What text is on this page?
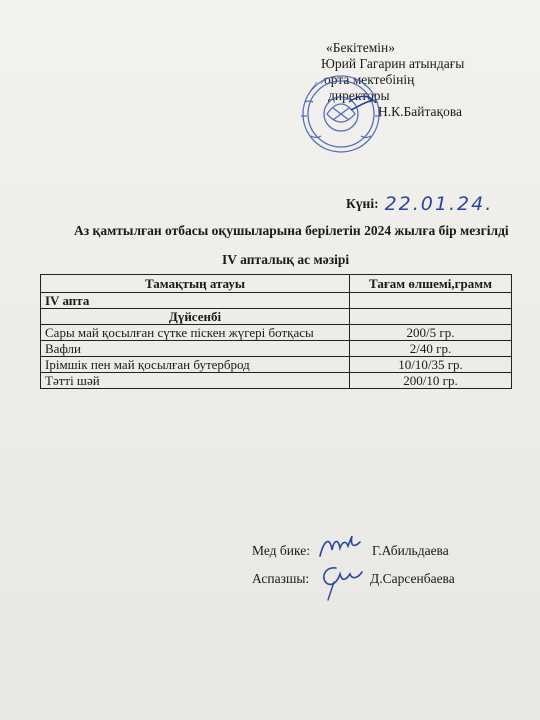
«Бекітемін»
Юрий Гагарин атындағы
орта мектебінің
директоры
Н.К.Байтақова
Күні: 22.01.24.
Аз қамтылған отбасы оқушыларына берілетін 2024 жылға бір мезгілді
IV апталық ас мәзірі
Тамақтың атауы	Тағам өлшемі,грамм
IV апта	
Дүйсенбі	
Сары май қосылған сүтке піскен жүгері ботқасы	200/5 гр.
Вафли	2/40 гр.
Ірімшік пен май қосылған бутерброд	10/10/35 гр.
Тәтті шәй	200/10 гр.
Мед бике:	Г.Абильдаева
Аспазшы:	Д.Сарсенбаева
